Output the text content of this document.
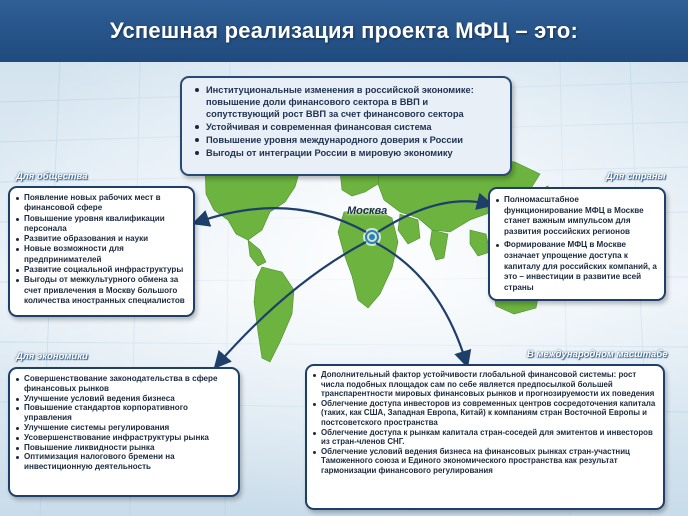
Успешная реализация проекта МФЦ – это:
Институциональные изменения в российской экономике: повышение доли финансового сектора в ВВП и сопутствующий рост ВВП за счет финансового сектора
Устойчивая и современная финансовая система
Повышение уровня международного доверия к России
Выгоды от интеграции России в мировую экономику
Москва
Для общества
Появление новых рабочих мест в финансовой сфере
Повышение уровня квалификации персонала
Развитие образования и науки
Новые возможности для предпринимателей
Развитие социальной инфраструктуры
Выгоды от межкультурного обмена за счет привлечения в Москву большого количества иностранных специалистов
Для страны
Полномасштабное функционирование МФЦ в Москве станет важным импульсом для развития российских регионов
Формирование МФЦ в Москве означает упрощение доступа к капиталу для российских компаний, а это – инвестиции в развитие всей страны
Для экономики
Совершенствование законодательства в сфере финансовых рынков
Улучшение условий ведения бизнеса
Повышение стандартов корпоративного управления
Улучшение системы регулирования
Усовершенствование инфраструктуры рынка
Повышение ликвидности рынка
Оптимизация налогового бремени на инвестиционную деятельность
В международном масштабе
Дополнительный фактор устойчивости глобальной финансовой системы: рост числа подобных площадок сам по себе является предпосылкой большей транспарентности мировых финансовых рынков и прогнозируемости их поведения
Облегчение доступа инвесторов из современных центров сосредоточения капитала (таких, как США, Западная Европа, Китай) к компаниям стран Восточной Европы и постсоветского пространства
Облегчение доступа к рынкам капитала стран-соседей для эмитентов и инвесторов из стран-членов СНГ.
Облегчение условий ведения бизнеса на финансовых рынках стран-участниц Таможенного союза и Единого экономического пространства как результат гармонизации финансового регулирования
